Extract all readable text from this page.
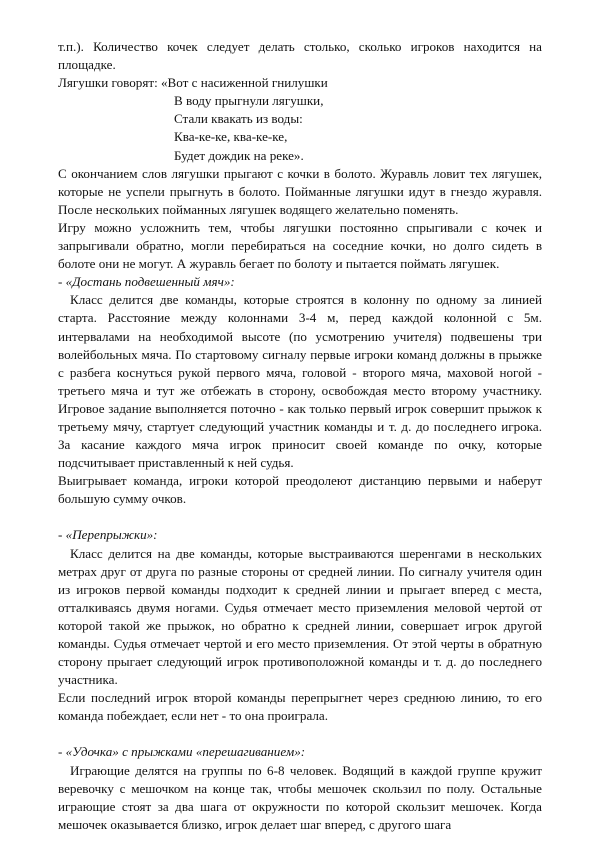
т.п.). Количество кочек следует делать столько, сколько игроков находится на площадке.

Лягушки говорят: «Вот с насиженной гнилушки

В воду прыгнули лягушки,

Стали квакать из воды:

Ква-ке-ке, ква-ке-ке,

Будет дождик на реке».

С окончанием слов лягушки прыгают с кочки в болото. Журавль ловит тех лягушек, которые не успели прыгнуть в болото. Пойманные лягушки идут в гнездо журавля. После нескольких пойманных лягушек водящего желательно поменять.

Игру можно усложнить тем, чтобы лягушки постоянно спрыгивали с кочек и запрыгивали обратно, могли перебираться на соседние кочки, но долго сидеть в болоте они не могут. А журавль бегает по болоту и пытается поймать лягушек.

- «Достань подвешенный мяч»:

Класс делится две команды, которые строятся в колонну по одному за линией старта. Расстояние между колоннами 3-4 м, перед каждой колонной с 5м. интервалами на необходимой высоте (по усмотрению учителя) подвешены три волейбольных мяча. По стартовому сигналу первые игроки команд должны в прыжке с разбега коснуться рукой первого мяча, головой - второго мяча, маховой ногой - третьего мяча и тут же отбежать в сторону, освобождая место второму участнику. Игровое задание выполняется поточно - как только первый игрок совершит прыжок к третьему мячу, стартует следующий участник команды и т. д. до последнего игрока. За касание каждого мяча игрок приносит своей команде по очку, которые подсчитывает приставленный к ней судья.

Выигрывает команда, игроки которой преодолеют дистанцию первыми и наберут большую сумму очков.

- «Перепрыжки»:

Класс делится на две команды, которые выстраиваются шеренгами в нескольких метрах друг от друга по разные стороны от средней линии. По сигналу учителя один из игроков первой команды подходит к средней линии и прыгает вперед с места, отталкиваясь двумя ногами. Судья отмечает место приземления меловой чертой от которой такой же прыжок, но обратно к средней линии, совершает игрок другой команды. Судья отмечает чертой и его место приземления. От этой черты в обратную сторону прыгает следующий игрок противоположной команды и т. д. до последнего участника.

Если последний игрок второй команды перепрыгнет через среднюю линию, то его команда побеждает, если нет - то она проиграла.

- «Удочка» с прыжками «перешагиванием»:

Играющие делятся на группы по 6-8 человек. Водящий в каждой группе кружит веревочку с мешочком на конце так, чтобы мешочек скользил по полу. Остальные играющие стоят за два шага от окружности по которой скользит мешочек. Когда мешочек оказывается близко, игрок делает шаг вперед, с другого шага
